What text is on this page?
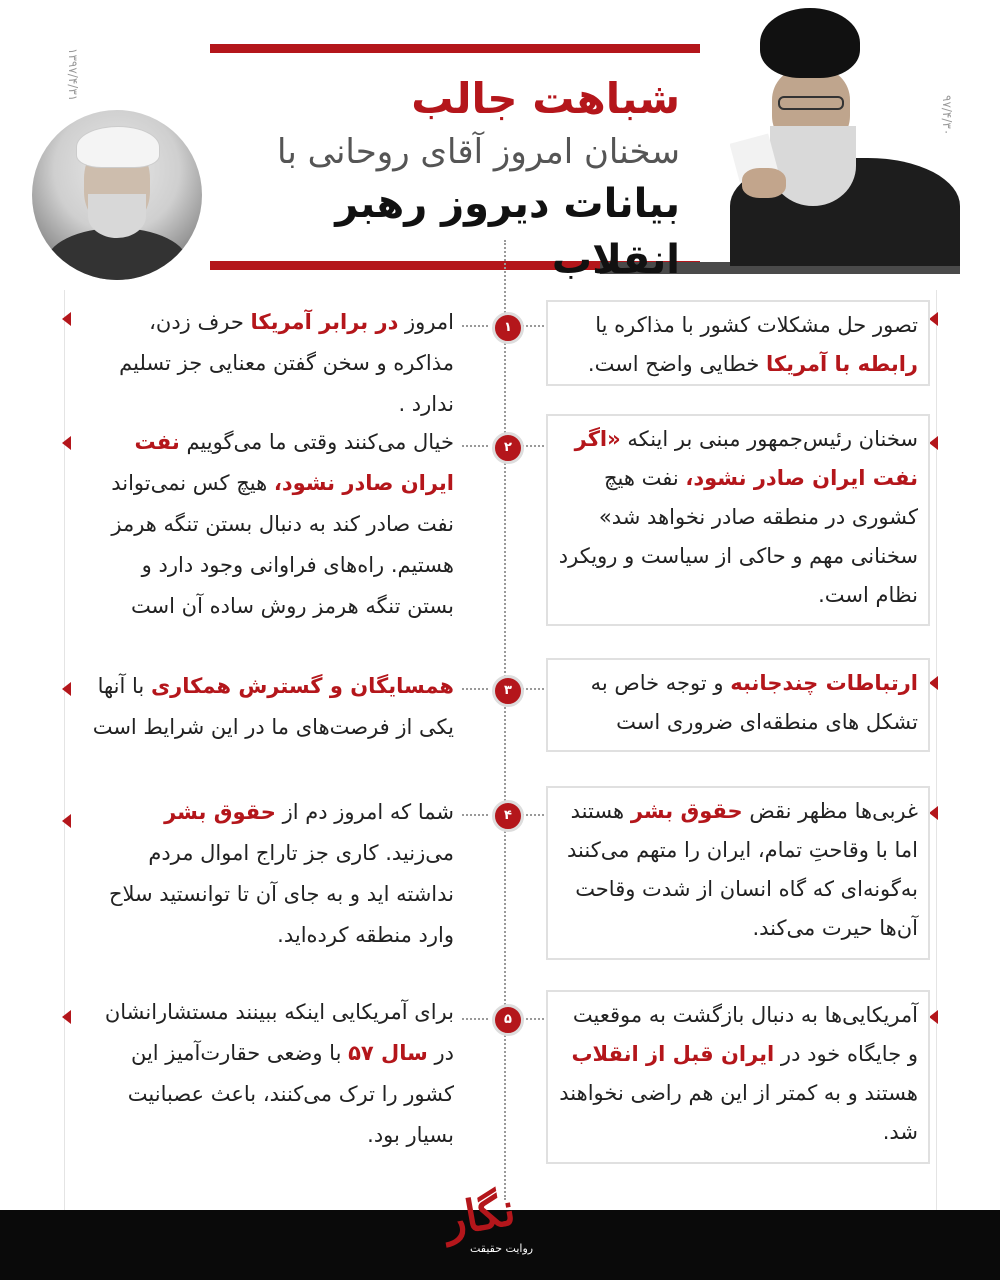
۱۳۹۷/۴/۳۱
۹۷/۴/۳۰
شباهت جالب
سخنان امروز آقای روحانی با
بیانات دیروز رهبر انقلاب
تصور حل مشکلات کشور با مذاکره یا رابطه با آمریکا خطایی واضح است.
۱
امروز در برابر آمریکا حرف زدن، مذاکره و سخن گفتن معنایی جز تسلیم ندارد .
سخنان رئیس‌جمهور مبنی بر اینکه «اگر نفت ایران صادر نشود، نفت هیچ کشوری در منطقه صادر نخواهد شد» سخنانی مهم و حاکی از سیاست و رویکرد نظام است.
۲
خیال می‌کنند وقتی ما می‌گوییم نفت ایران صادر نشود، هیچ کس نمی‌تواند نفت صادر کند به دنبال بستن تنگه هرمز هستیم. راه‌های فراوانی وجود دارد و بستن تنگه هرمز روش ساده آن است
ارتباطات چندجانبه و توجه خاص به تشکل های منطقه‌ای ضروری است
۳
همسایگان و گسترش همکاری با آنها یکی از فرصت‌های ما در این شرایط است
غربی‌ها مظهر نقض حقوق بشر هستند اما با وقاحتِ تمام، ایران را متهم می‌کنند به‌گونه‌ای که گاه انسان از شدت وقاحت آن‌ها حیرت می‌کند.
۴
شما که امروز دم از حقوق بشر می‌زنید. کاری جز تاراج اموال مردم نداشته اید و به جای آن تا توانستید سلاح وارد منطقه کرده‌اید.
آمریکایی‌ها به دنبال بازگشت به موقعیت و جایگاه خود در ایران قبل از انقلاب هستند و به کمتر از این هم راضی نخواهند شد.
۵
برای آمریکایی اینکه ببینند مستشارانشان در سال ۵۷ با وضعی حقارت‌آمیز این کشور را ترک می‌کنند، باعث عصبانیت بسیار بود.
نگار
روایت حقیقت
